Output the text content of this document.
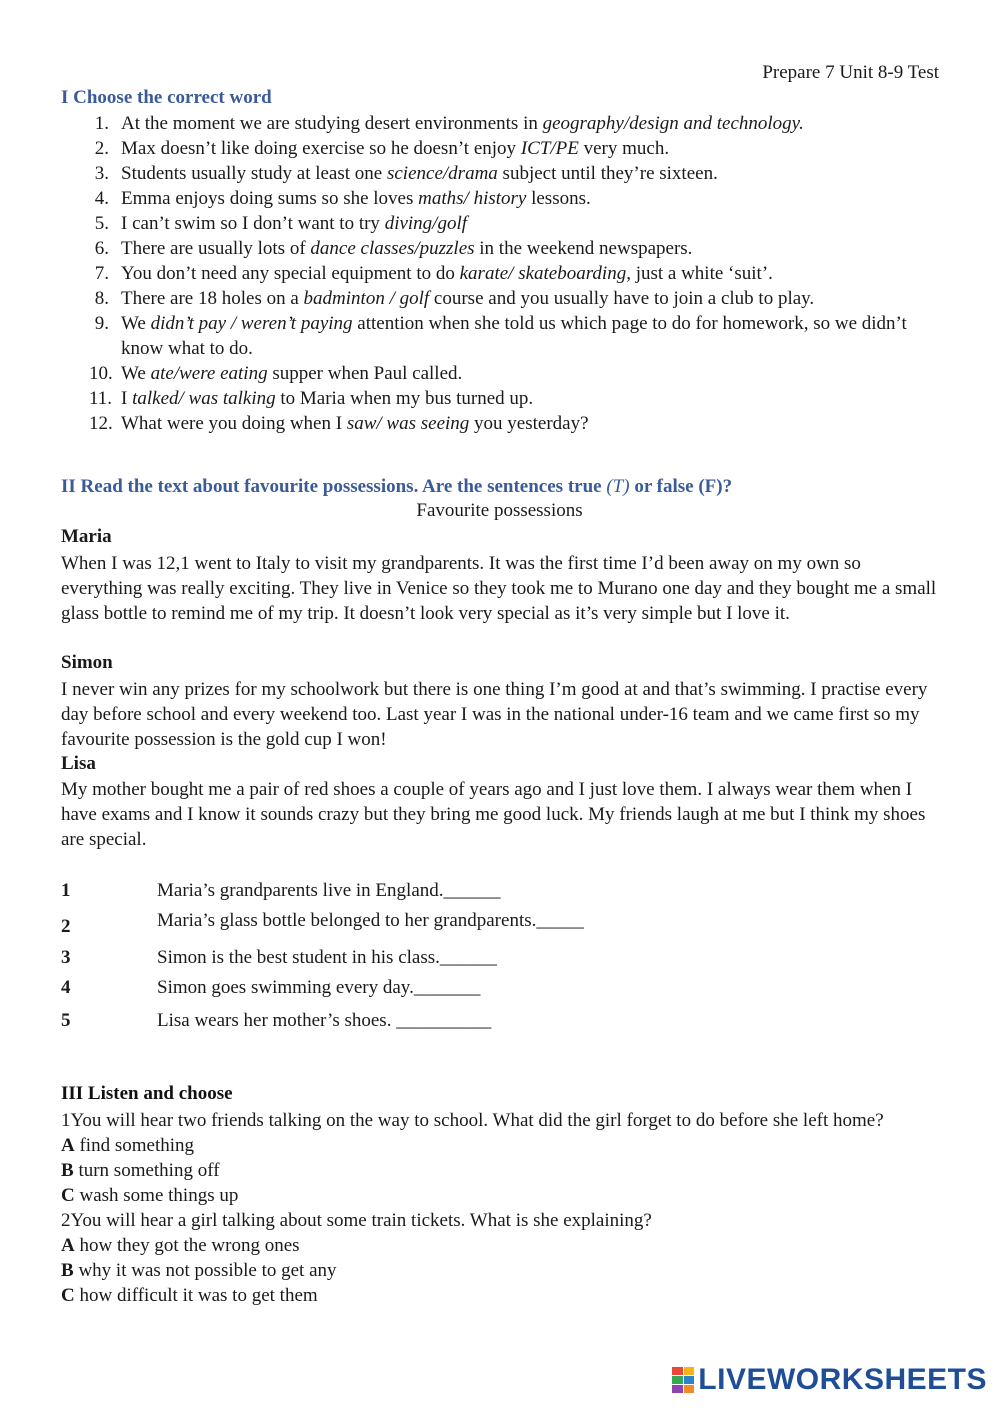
Prepare 7 Unit 8-9 Test
I Choose the correct word
1. At the moment we are studying desert environments in geography/design and technology.
2. Max doesn’t like doing exercise so he doesn’t enjoy ICT/PE very much.
3. Students usually study at least one science/drama subject until they’re sixteen.
4. Emma enjoys doing sums so she loves maths/ history lessons.
5. I can’t swim so I don’t want to try diving/golf
6. There are usually lots of dance classes/puzzles in the weekend newspapers.
7. You don’t need any special equipment to do karate/ skateboarding, just a white ‘suit’.
8. There are 18 holes on a badminton / golf course and you usually have to join a club to play.
9. We didn’t pay / weren’t paying attention when she told us which page to do for homework, so we didn’t know what to do.
10. We ate/were eating supper when Paul called.
11. I talked/ was talking to Maria when my bus turned up.
12. What were you doing when I saw/ was seeing you yesterday?
II Read the text about favourite possessions. Are the sentences true (T) or false (F)?
Favourite possessions
Maria
When I was 12,1 went to Italy to visit my grandparents. It was the first time I’d been away on my own so everything was really exciting. They live in Venice so they took me to Murano one day and they bought me a small glass bottle to remind me of my trip. It doesn’t look very special as it’s very simple but I love it.
Simon
I never win any prizes for my schoolwork but there is one thing I’m good at and that’s swimming. I practise every day before school and every weekend too. Last year I was in the national under-16 team and we came first so my favourite possession is the gold cup I won!
Lisa
My mother bought me a pair of red shoes a couple of years ago and I just love them. I always wear them when I have exams and I know it sounds crazy but they bring me good luck. My friends laugh at me but I think my shoes are special.
1	Maria’s grandparents live in England.______
2	Maria’s glass bottle belonged to her grandparents._____
3	Simon is the best student in his class.______
4	Simon goes swimming every day._______
5	Lisa wears her mother’s shoes. __________
III Listen and choose
1You will hear two friends talking on the way to school. What did the girl forget to do before she left home?
A find something
B turn something off
C wash some things up
2You will hear a girl talking about some train tickets. What is she explaining?
A how they got the wrong ones
B why it was not possible to get any
C how difficult it was to get them
LIVEWORKSHEETS
